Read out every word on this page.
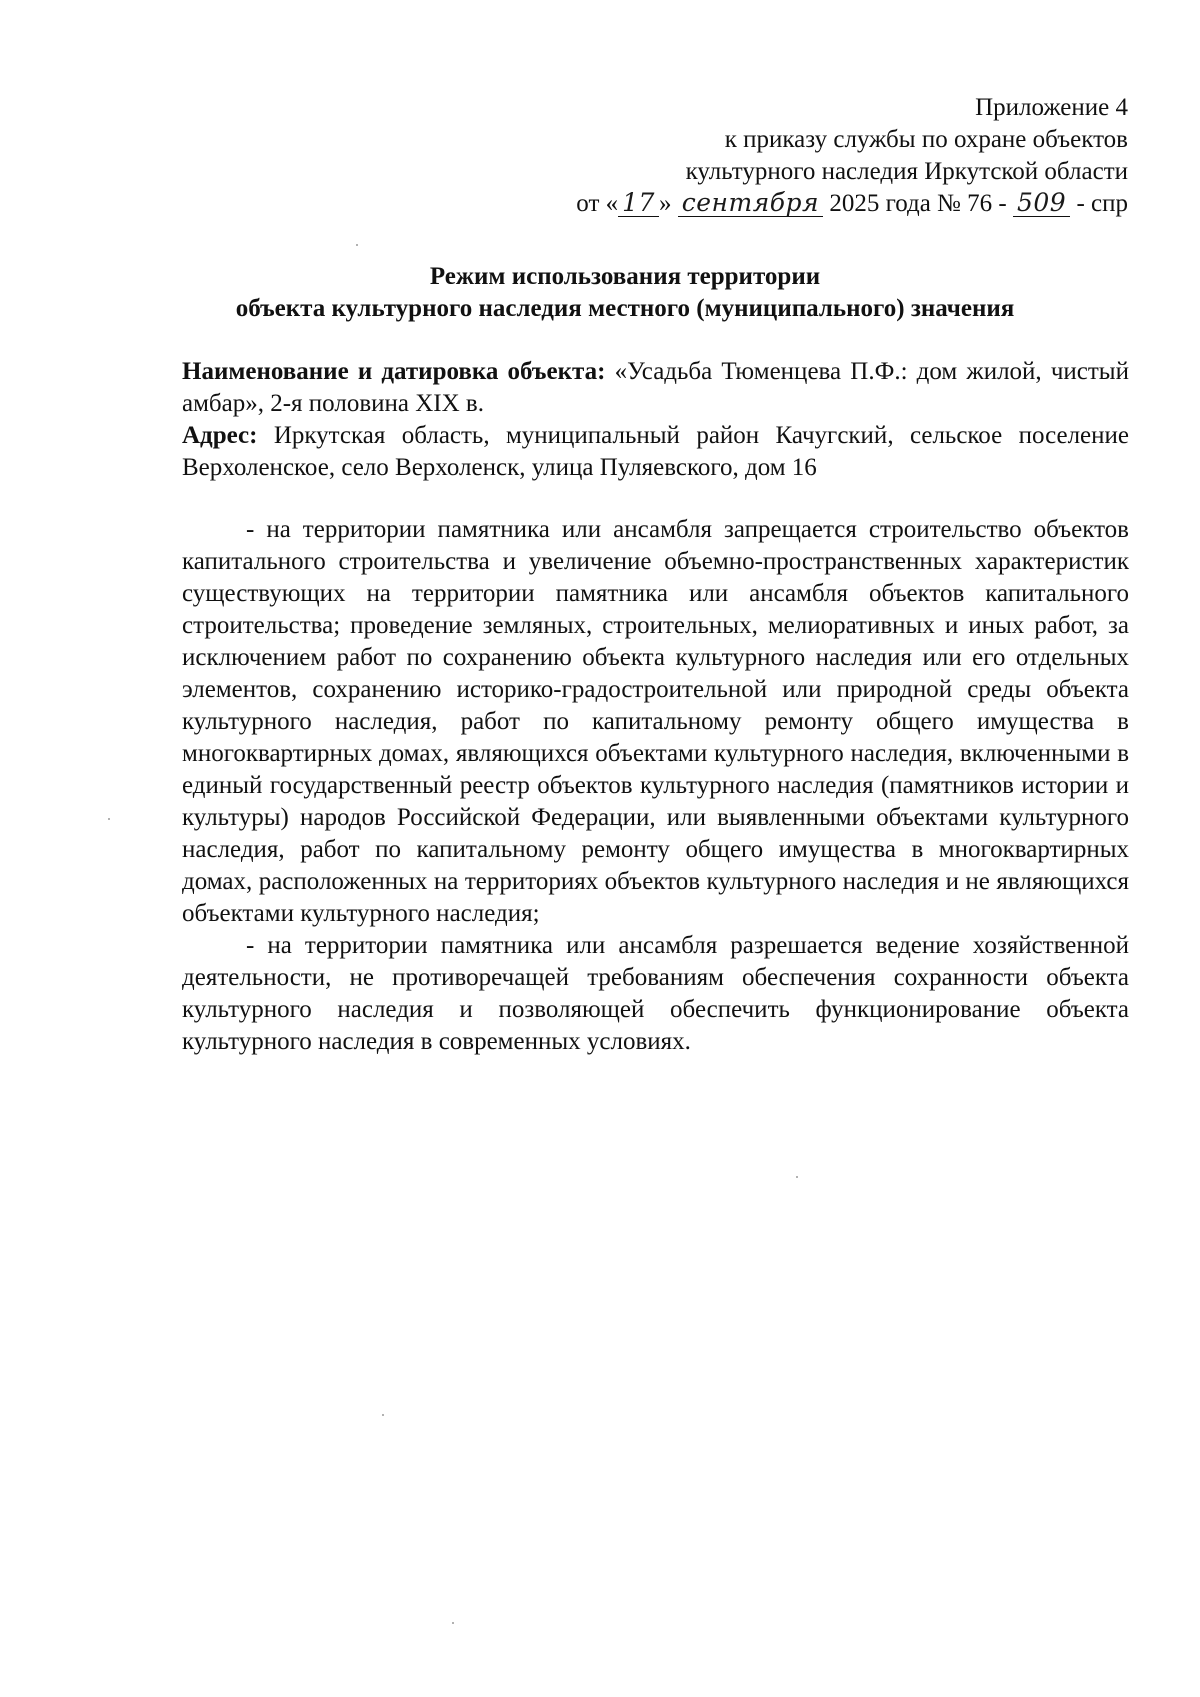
Приложение 4
к приказу службы по охране объектов
культурного наследия Иркутской области
от « 17 » сентября 2025 года № 76 - 509 - спр
Режим использования территории
объекта культурного наследия местного (муниципального) значения
Наименование и датировка объекта: «Усадьба Тюменцева П.Ф.: дом жилой, чистый амбар», 2-я половина XIX в.
Адрес: Иркутская область, муниципальный район Качугский, сельское поселение Верхоленское, село Верхоленск, улица Пуляевского, дом 16

- на территории памятника или ансамбля запрещается строительство объектов капитального строительства и увеличение объемно-пространственных характеристик существующих на территории памятника или ансамбля объектов капитального строительства; проведение земляных, строительных, мелиоративных и иных работ, за исключением работ по сохранению объекта культурного наследия или его отдельных элементов, сохранению историко-градостроительной или природной среды объекта культурного наследия, работ по капитальному ремонту общего имущества в многоквартирных домах, являющихся объектами культурного наследия, включенными в единый государственный реестр объектов культурного наследия (памятников истории и культуры) народов Российской Федерации, или выявленными объектами культурного наследия, работ по капитальному ремонту общего имущества в многоквартирных домах, расположенных на территориях объектов культурного наследия и не являющихся объектами культурного наследия;

- на территории памятника или ансамбля разрешается ведение хозяйственной деятельности, не противоречащей требованиям обеспечения сохранности объекта культурного наследия и позволяющей обеспечить функционирование объекта культурного наследия в современных условиях.
